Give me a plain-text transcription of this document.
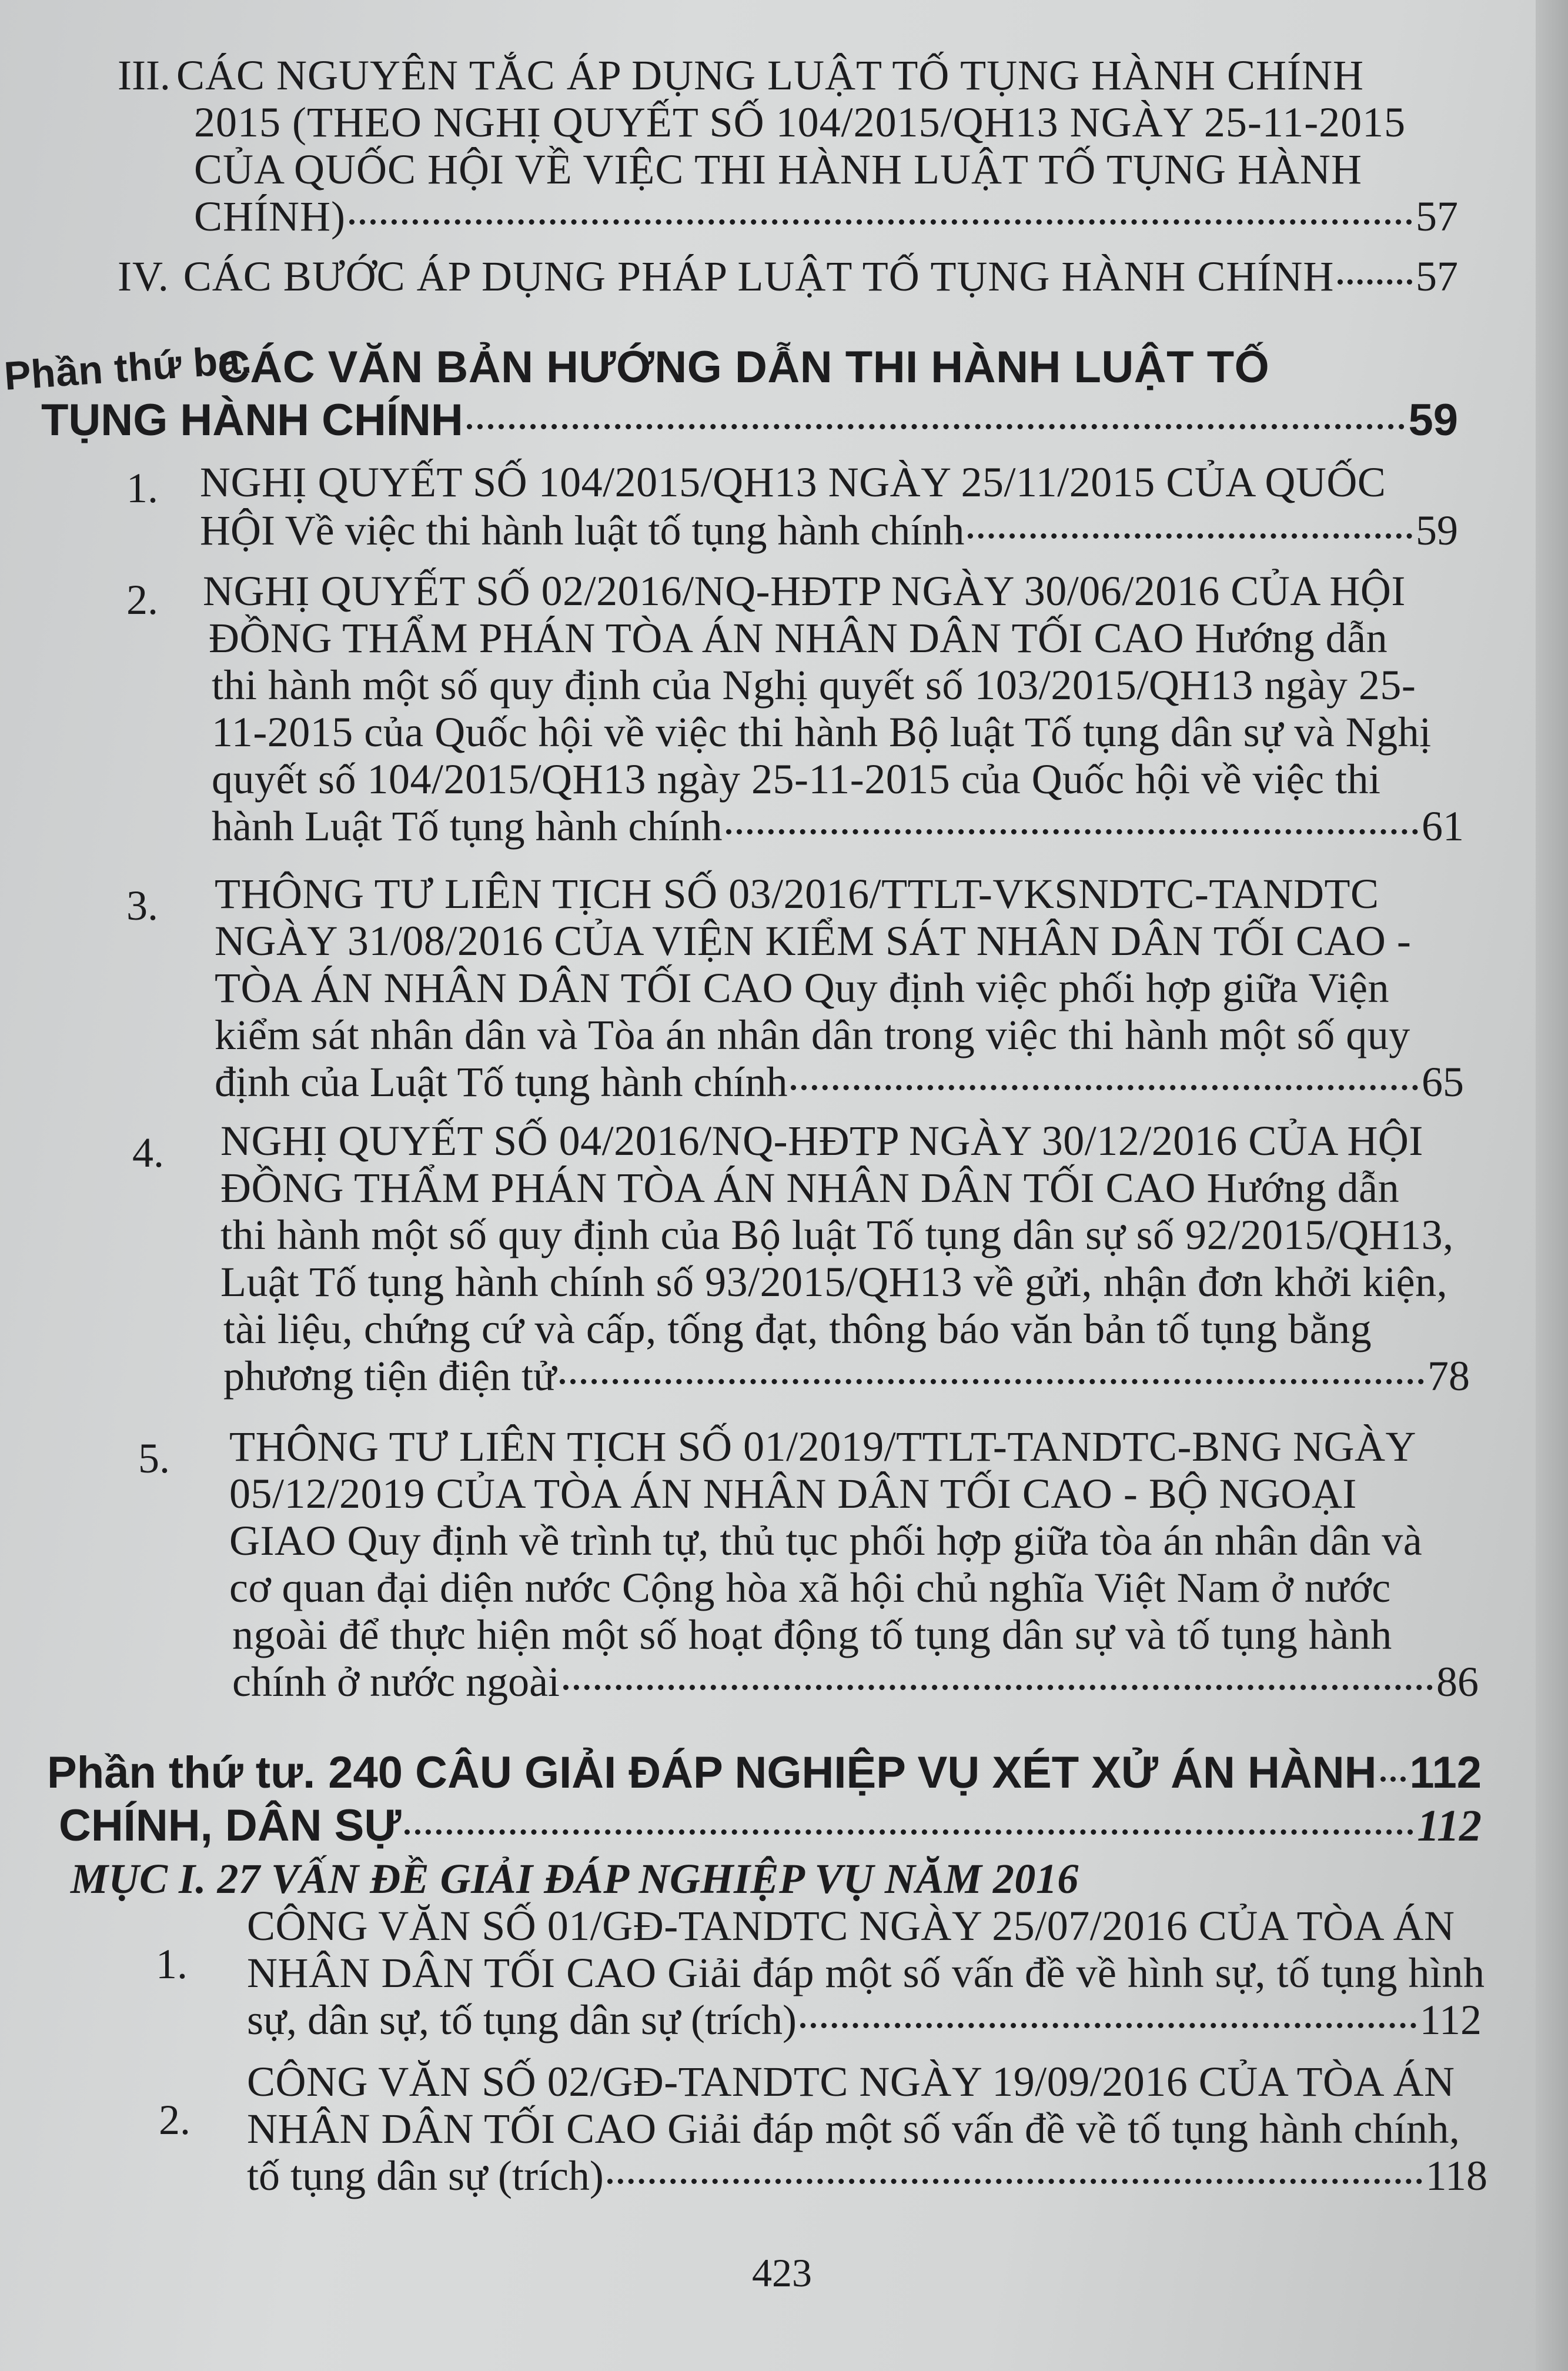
III. CÁC NGUYÊN TẮC ÁP DỤNG LUẬT TỐ TỤNG HÀNH CHÍNH
2015 (THEO NGHỊ QUYẾT SỐ 104/2015/QH13 NGÀY 25-11-2015
CỦA QUỐC HỘI VỀ VIỆC THI HÀNH LUẬT TỐ TỤNG HÀNH
CHÍNH)	57
IV. CÁC BƯỚC ÁP DỤNG PHÁP LUẬT TỐ TỤNG HÀNH CHÍNH 57
Phần thứ ba.
CÁC VĂN BẢN HƯỚNG DẪN THI HÀNH LUẬT TỐ
TỤNG HÀNH CHÍNH	59
1. NGHỊ QUYẾT SỐ 104/2015/QH13 NGÀY 25/11/2015 CỦA QUỐC
HỘI Về việc thi hành luật tố tụng hành chính	59
2. NGHỊ QUYẾT SỐ 02/2016/NQ-HĐTP NGÀY 30/06/2016 CỦA HỘI
ĐỒNG THẨM PHÁN TÒA ÁN NHÂN DÂN TỐI CAO Hướng dẫn
thi hành một số quy định của Nghị quyết số 103/2015/QH13 ngày 25-
11-2015 của Quốc hội về việc thi hành Bộ luật Tố tụng dân sự và Nghị
quyết số 104/2015/QH13 ngày 25-11-2015 của Quốc hội về việc thi
hành Luật Tố tụng hành chính	61
3. THÔNG TƯ LIÊN TỊCH SỐ 03/2016/TTLT-VKSNDTC-TANDTC
NGÀY 31/08/2016 CỦA VIỆN KIỂM SÁT NHÂN DÂN TỐI CAO -
TÒA ÁN NHÂN DÂN TỐI CAO Quy định việc phối hợp giữa Viện
kiểm sát nhân dân và Tòa án nhân dân trong việc thi hành một số quy
định của Luật Tố tụng hành chính	65
4. NGHỊ QUYẾT SỐ 04/2016/NQ-HĐTP NGÀY 30/12/2016 CỦA HỘI
ĐỒNG THẨM PHÁN TÒA ÁN NHÂN DÂN TỐI CAO Hướng dẫn
thi hành một số quy định của Bộ luật Tố tụng dân sự số 92/2015/QH13,
Luật Tố tụng hành chính số 93/2015/QH13 về gửi, nhận đơn khởi kiện,
tài liệu, chứng cứ và cấp, tống đạt, thông báo văn bản tố tụng bằng
phương tiện điện tử	78
5. THÔNG TƯ LIÊN TỊCH SỐ 01/2019/TTLT-TANDTC-BNG NGÀY
05/12/2019 CỦA TÒA ÁN NHÂN DÂN TỐI CAO - BỘ NGOẠI
GIAO Quy định về trình tự, thủ tục phối hợp giữa tòa án nhân dân và
cơ quan đại diện nước Cộng hòa xã hội chủ nghĩa Việt Nam ở nước
ngoài để thực hiện một số hoạt động tố tụng dân sự và tố tụng hành
chính ở nước ngoài	86
Phần thứ tư. 240 CÂU GIẢI ĐÁP NGHIỆP VỤ XÉT XỬ ÁN HÀNH 112
CHÍNH, DÂN SỰ	112
MỤC I. 27 VẤN ĐỀ GIẢI ĐÁP NGHIỆP VỤ NĂM 2016
1.
CÔNG VĂN SỐ 01/GĐ-TANDTC NGÀY 25/07/2016 CỦA TÒA ÁN
NHÂN DÂN TỐI CAO Giải đáp một số vấn đề về hình sự, tố tụng hình
sự, dân sự, tố tụng dân sự (trích)	112
2.
CÔNG VĂN SỐ 02/GĐ-TANDTC NGÀY 19/09/2016 CỦA TÒA ÁN
NHÂN DÂN TỐI CAO Giải đáp một số vấn đề về tố tụng hành chính,
tố tụng dân sự (trích)	118
423
